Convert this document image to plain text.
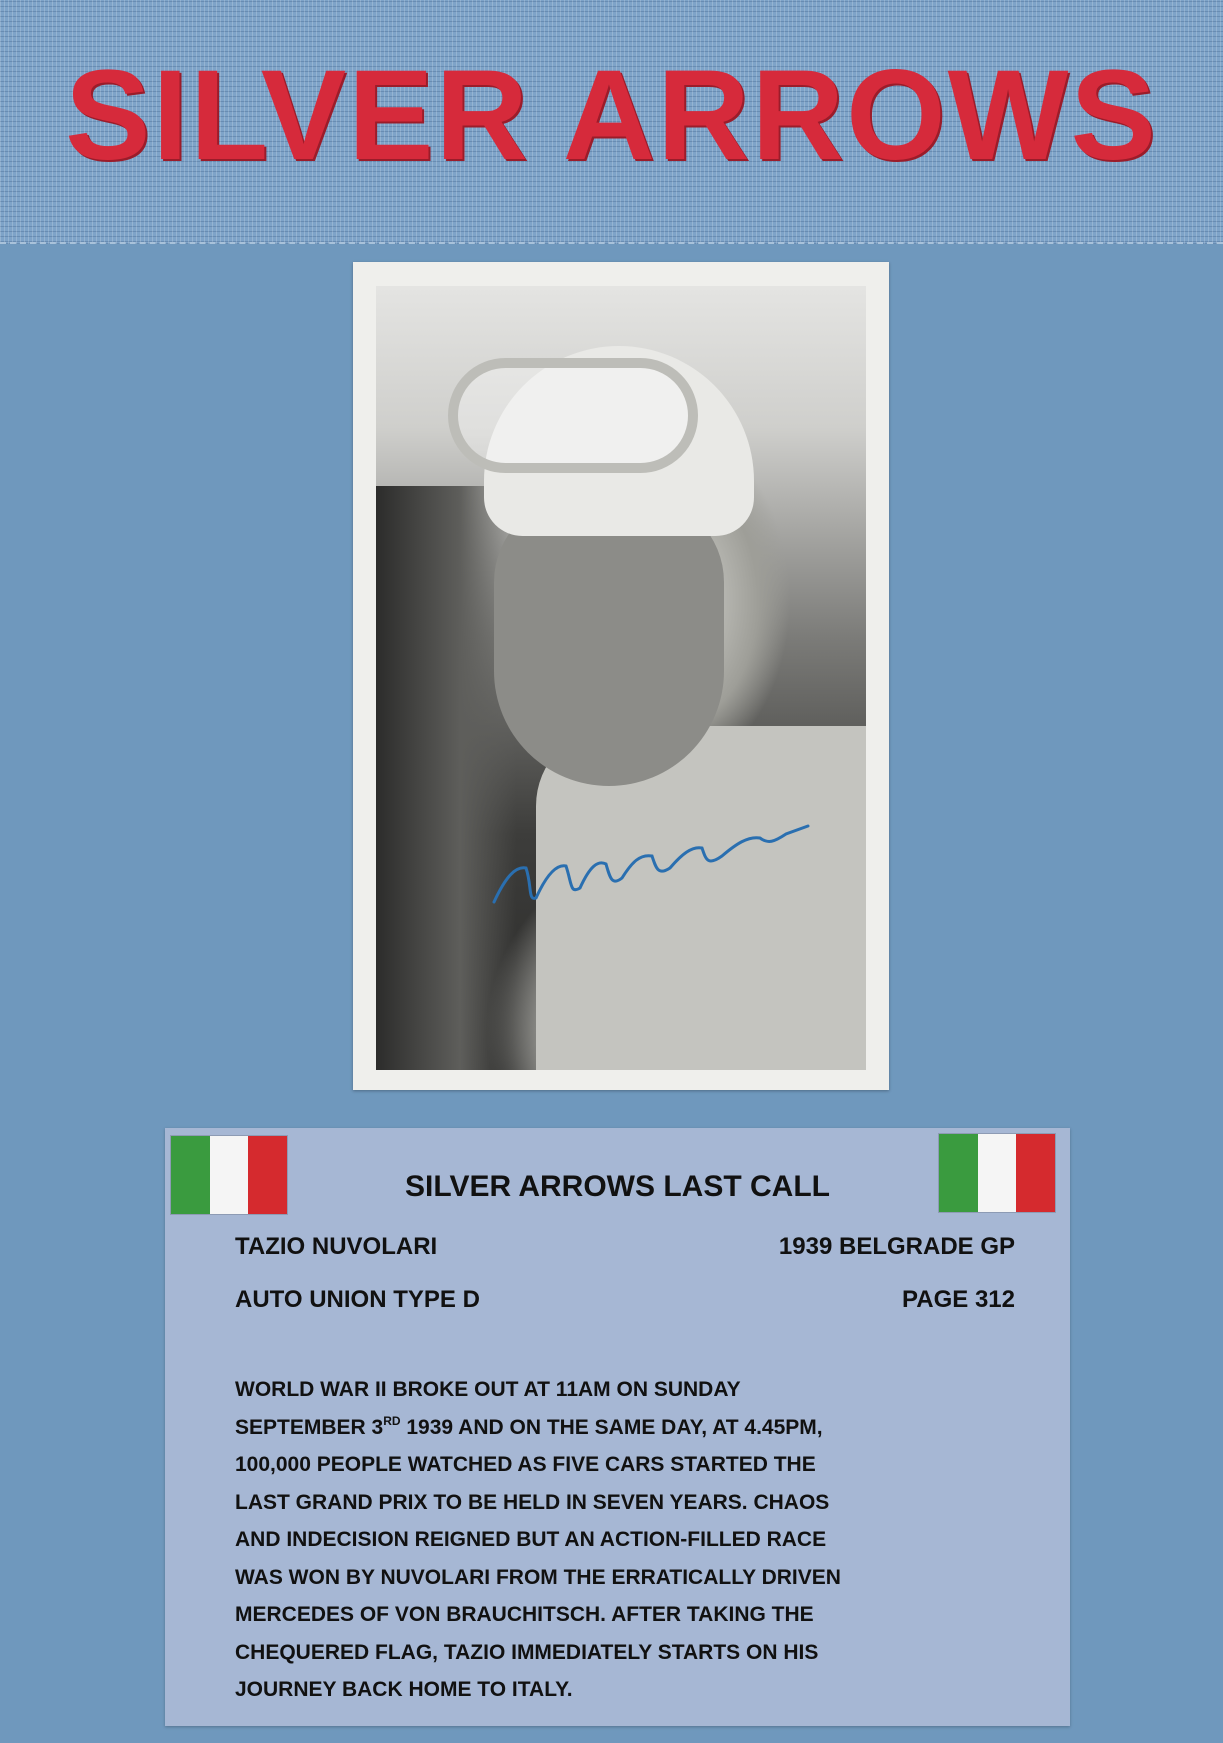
SILVER ARROWS
SILVER ARROWS LAST CALL
TAZIO NUVOLARI	1939 BELGRADE GP
AUTO UNION TYPE D	PAGE 312
WORLD WAR II BROKE OUT AT 11AM ON SUNDAY
SEPTEMBER 3RD 1939 AND ON THE SAME DAY, AT 4.45PM,
100,000 PEOPLE WATCHED AS FIVE CARS STARTED THE
LAST GRAND PRIX TO BE HELD IN SEVEN YEARS. CHAOS
AND INDECISION REIGNED BUT AN ACTION-FILLED RACE
WAS WON BY NUVOLARI FROM THE ERRATICALLY DRIVEN
MERCEDES OF VON BRAUCHITSCH. AFTER TAKING THE
CHEQUERED FLAG, TAZIO IMMEDIATELY STARTS ON HIS
JOURNEY BACK HOME TO ITALY.
